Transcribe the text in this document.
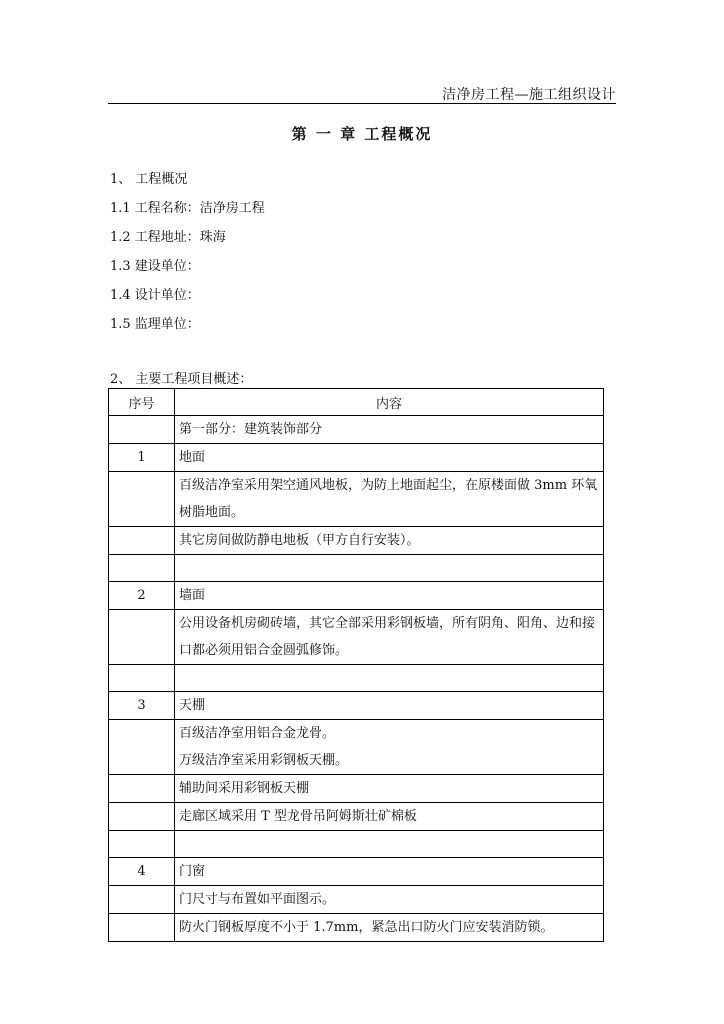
洁净房工程—施工组织设计
第 一 章 工程概况
1、 工程概况
1.1 工程名称：洁净房工程
1.2 工程地址：珠海
1.3 建设单位：
1.4 设计单位：
1.5 监理单位：
2、 主要工程项目概述：
序号	内容
	第一部分：建筑装饰部分
1	地面
	百级洁净室采用架空通风地板，为防上地面起尘，在原楼面做 3mm 环氧树脂地面。
	其它房间做防静电地板（甲方自行安装）。

2	墙面
	公用设备机房砌砖墙，其它全部采用彩钢板墙，所有阴角、阳角、边和接口都必须用铝合金圆弧修饰。

3	天棚

	百级洁净室用铝合金龙骨。
万级洁净室采用彩钢板天棚。

	辅助间采用彩钢板天棚
	走廊区域采用 T 型龙骨吊阿姆斯壮矿棉板

4	门窗
	门尺寸与布置如平面图示。
	防火门钢板厚度不小于 1.7mm，紧急出口防火门应安装消防锁。
